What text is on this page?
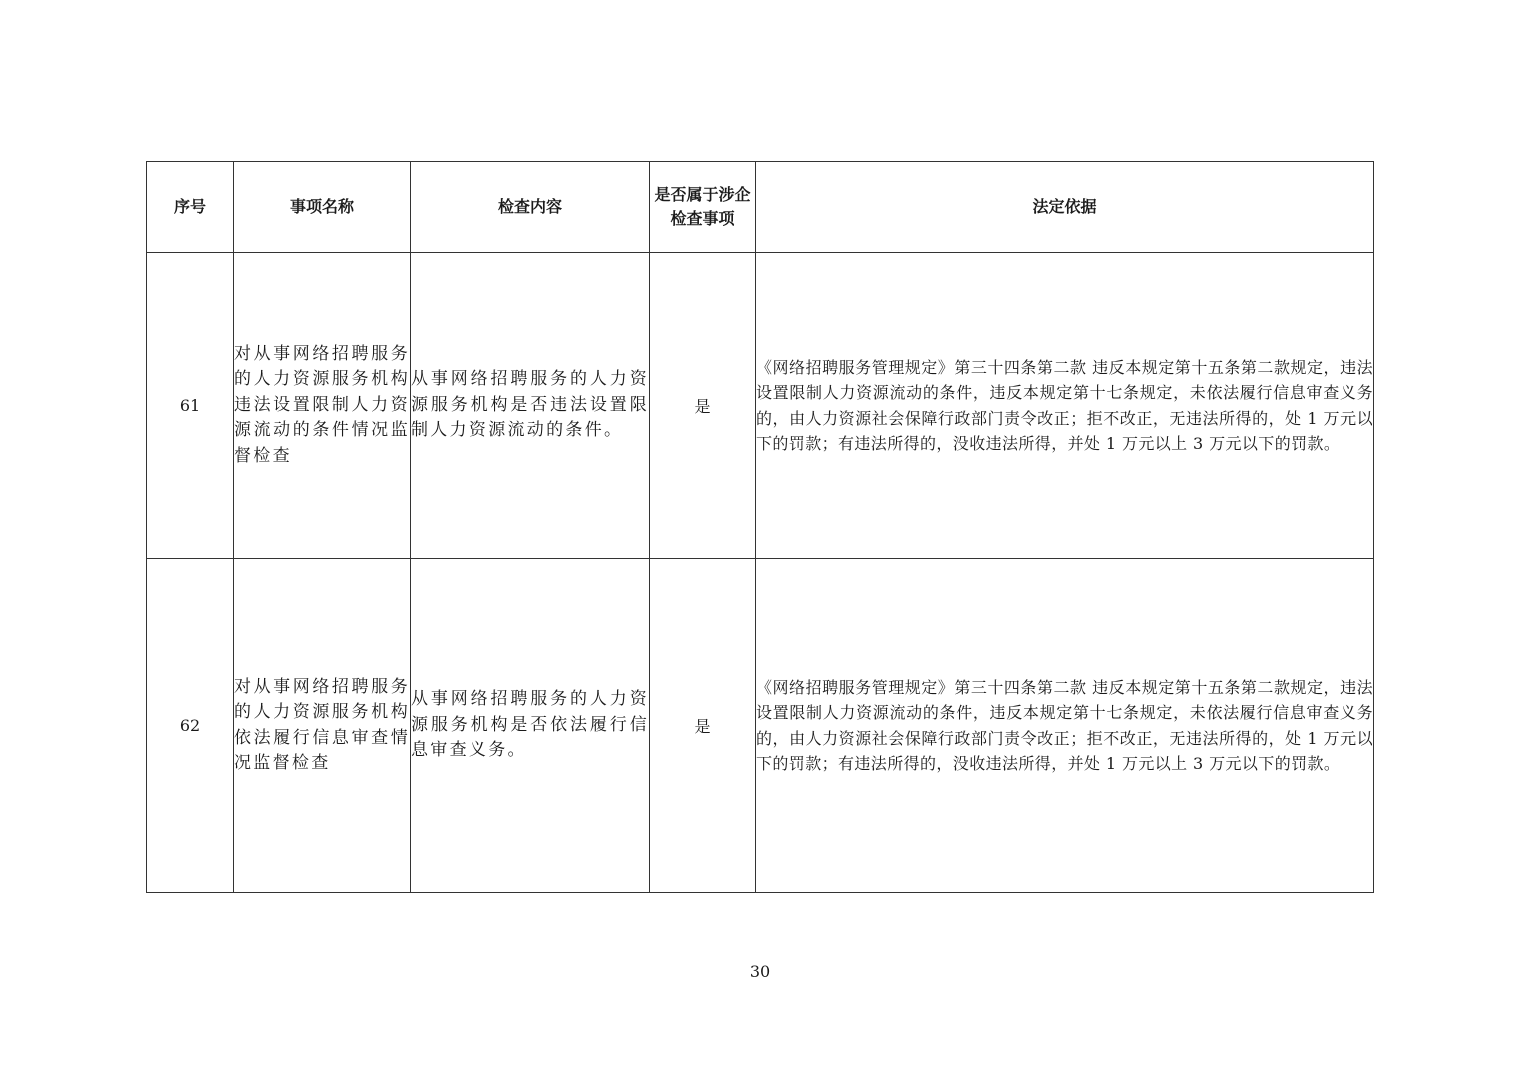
序号	事项名称	检查内容	是否属于涉企检查事项	法定依据
61	对从事网络招聘服务的人力资源服务机构违法设置限制人力资源流动的条件情况监督检查	从事网络招聘服务的人力资源服务机构是否违法设置限制人力资源流动的条件。	是	《网络招聘服务管理规定》第三十四条第二款 违反本规定第十五条第二款规定，违法设置限制人力资源流动的条件，违反本规定第十七条规定，未依法履行信息审查义务的，由人力资源社会保障行政部门责令改正；拒不改正，无违法所得的，处 1 万元以下的罚款；有违法所得的，没收违法所得，并处 1 万元以上 3 万元以下的罚款。
62	对从事网络招聘服务的人力资源服务机构依法履行信息审查情况监督检查	从事网络招聘服务的人力资源服务机构是否依法履行信息审查义务。	是	《网络招聘服务管理规定》第三十四条第二款 违反本规定第十五条第二款规定，违法设置限制人力资源流动的条件，违反本规定第十七条规定，未依法履行信息审查义务的，由人力资源社会保障行政部门责令改正；拒不改正，无违法所得的，处 1 万元以下的罚款；有违法所得的，没收违法所得，并处 1 万元以上 3 万元以下的罚款。
30
